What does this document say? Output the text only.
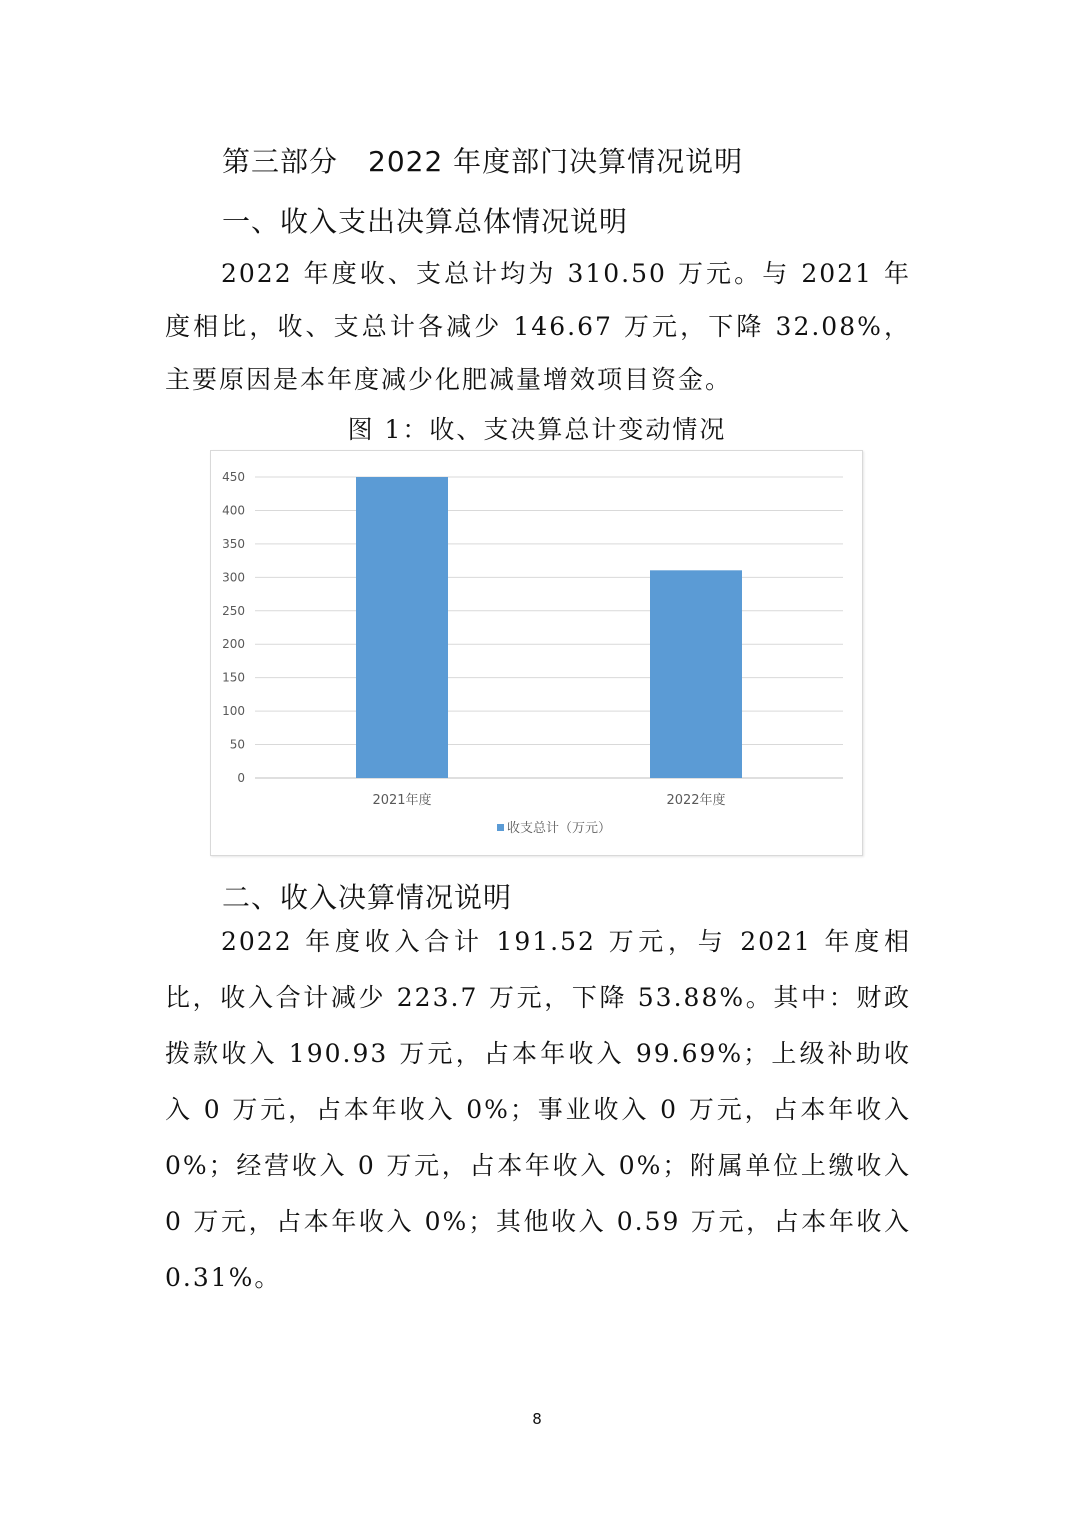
第三部分 2022 年度部门决算情况说明
一、收入支出决算总体情况说明
2022 年度收、支总计均为 310.50 万元。与 2021 年度相比，收、支总计各减少 146.67 万元，下降 32.08%，主要原因是本年度减少化肥减量增效项目资金。
图 1：收、支决算总计变动情况
0
50
100
150
200
250
300
350
400
450
2021年度	2022年度
收支总计（万元）
二、收入决算情况说明
2022 年度收入合计 191.52 万元，与 2021 年度相比，收入合计减少 223.7 万元，下降 53.88%。其中：财政拨款收入 190.93 万元，占本年收入 99.69%；上级补助收入 0 万元，占本年收入 0%；事业收入 0 万元，占本年收入 0%；经营收入 0 万元，占本年收入 0%；附属单位上缴收入 0 万元，占本年收入 0%；其他收入 0.59 万元，占本年收入 0.31%。
8
